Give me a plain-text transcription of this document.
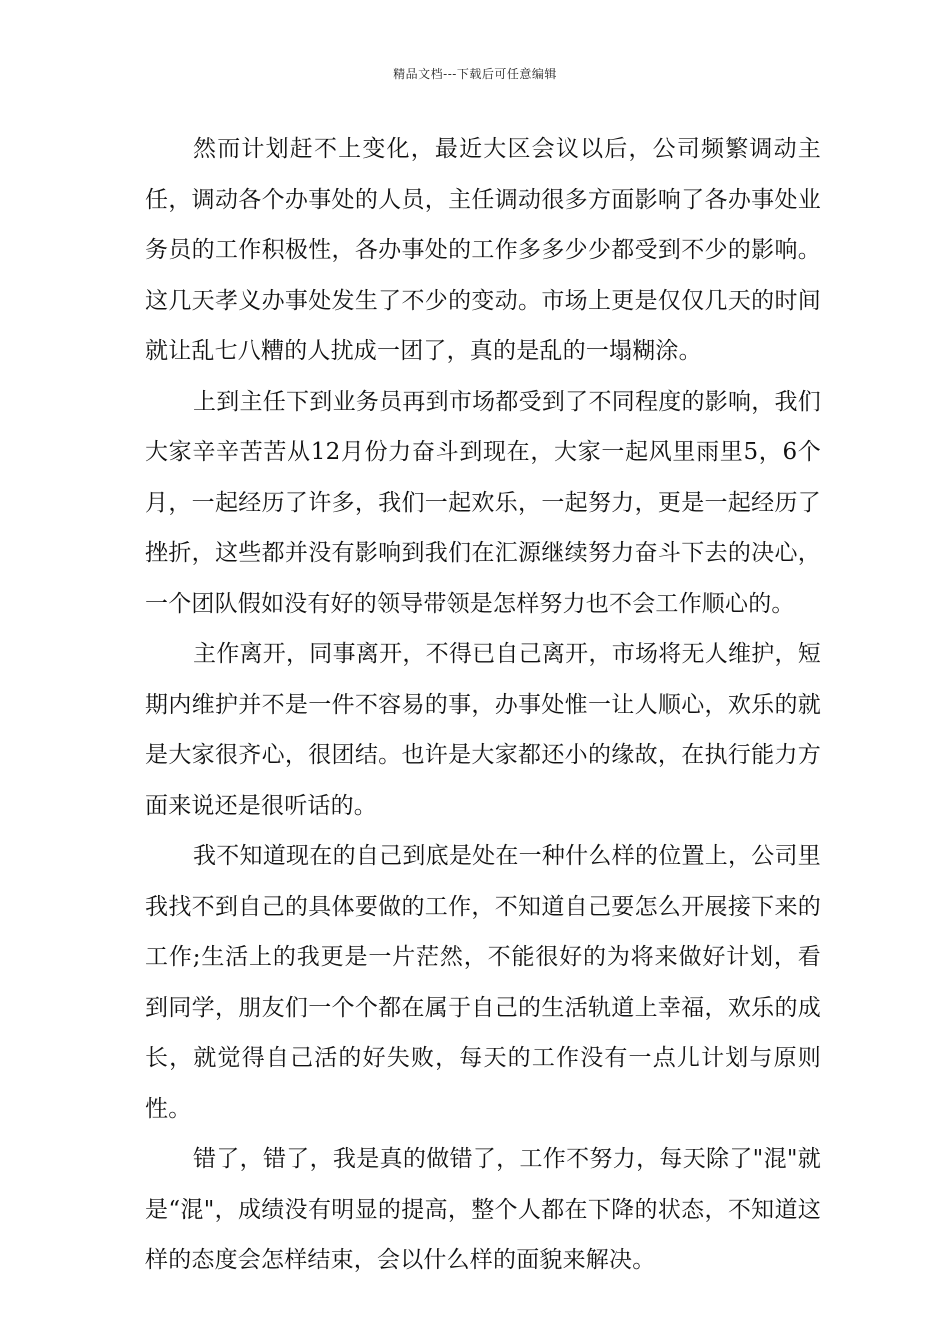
精品文档---下载后可任意编辑

然而计划赶不上变化，最近大区会议以后，公司频繁调动主任，调动各个办事处的人员，主任调动很多方面影响了各办事处业务员的工作积极性，各办事处的工作多多少少都受到不少的影响。这几天孝义办事处发生了不少的变动。市场上更是仅仅几天的时间就让乱七八糟的人扰成一团了，真的是乱的一塌糊涂。

上到主任下到业务员再到市场都受到了不同程度的影响，我们大家辛辛苦苦从12月份力奋斗到现在，大家一起风里雨里5，6个月，一起经历了许多，我们一起欢乐，一起努力，更是一起经历了挫折，这些都并没有影响到我们在汇源继续努力奋斗下去的决心，一个团队假如没有好的领导带领是怎样努力也不会工作顺心的。

主作离开，同事离开，不得已自己离开，市场将无人维护，短期内维护并不是一件不容易的事，办事处惟一让人顺心，欢乐的就是大家很齐心，很团结。也许是大家都还小的缘故，在执行能力方面来说还是很听话的。

我不知道现在的自己到底是处在一种什么样的位置上，公司里我找不到自己的具体要做的工作，不知道自己要怎么开展接下来的工作;生活上的我更是一片茫然，不能很好的为将来做好计划，看到同学，朋友们一个个都在属于自己的生活轨道上幸福，欢乐的成长，就觉得自己活的好失败，每天的工作没有一点儿计划与原则性。

错了，错了，我是真的做错了，工作不努力，每天除了"混"就是“混"，成绩没有明显的提高，整个人都在下降的状态，不知道这样的态度会怎样结束，会以什么样的面貌来解决。
